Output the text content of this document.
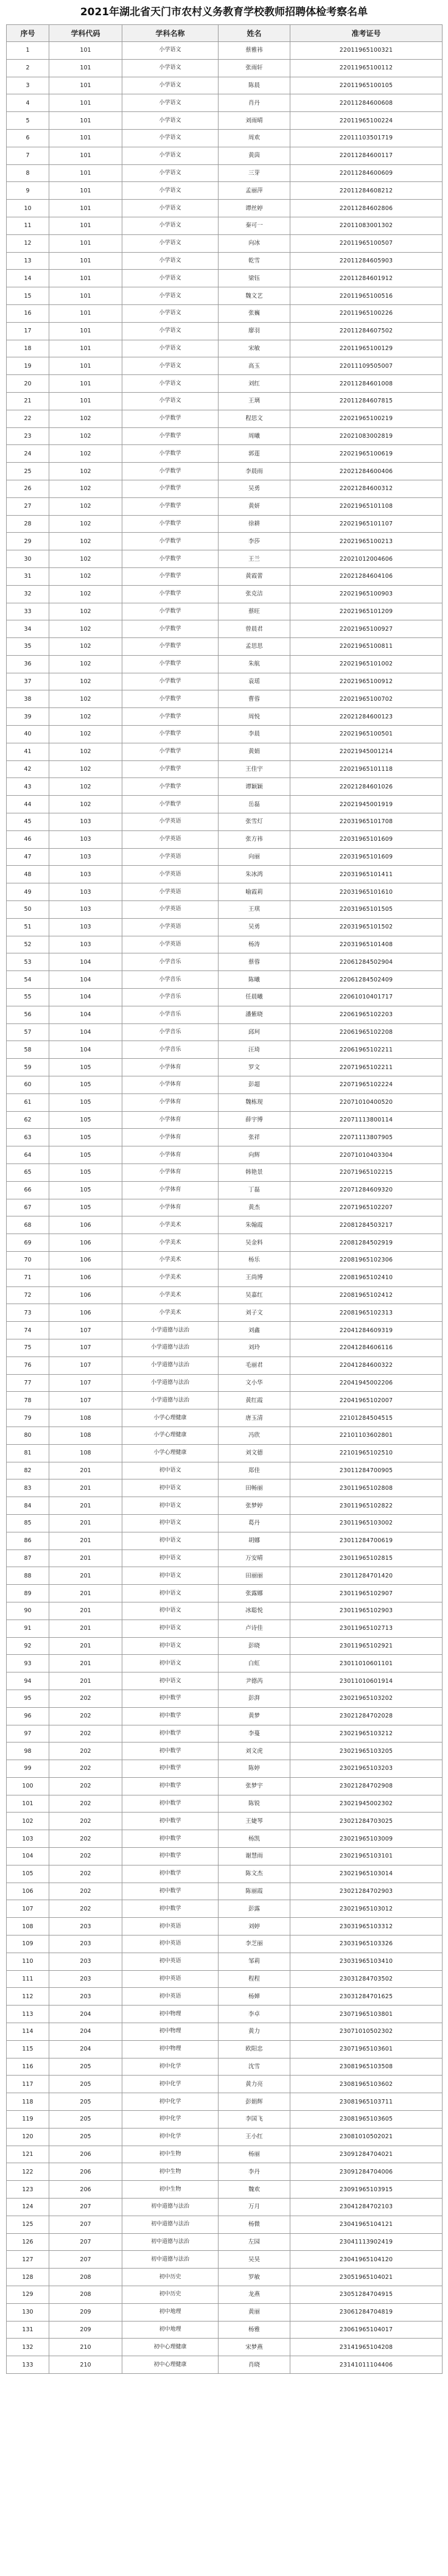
2021年湖北省天门市农村义务教育学校教师招聘体检考察名单
序号	学科代码	学科名称	姓名	准考证号
1	101	小学语文	蔡雅祎	22011965100321
2	101	小学语文	张雨轩	22011965100112
3	101	小学语文	陈晨	22011965100105
4	101	小学语文	肖丹	22011284600608
5	101	小学语文	刘雨晴	22011965100224
6	101	小学语文	周欢	22011103501719
7	101	小学语文	黄茵	22011284600117
8	101	小学语文	三芽	22011284600609
9	101	小学语文	孟丽萍	22011284608212
10	101	小学语文	谭丝婷	22011284602806
11	101	小学语文	秦可一	22011083001302
12	101	小学语文	向冰	22011965100507
13	101	小学语文	乾雪	22011284605903
14	101	小学语文	梁钰	22011284601912
15	101	小学语文	魏文艺	22011965100516
16	101	小学语文	张巍	22011965100226
17	101	小学语文	廖羽	22011284607502
18	101	小学语文	宋敏	22011965100129
19	101	小学语文	高玉	22011109505007
20	101	小学语文	刘红	22011284601008
21	101	小学语文	王璃	22011284607815
22	102	小学数学	程思文	22021965100219
23	102	小学数学	周曦	22021083002819
24	102	小学数学	郭莲	22021965100619
25	102	小学数学	李晨雨	22021284600406
26	102	小学数学	吴勇	22021284600312
27	102	小学数学	黄妍	22021965101108
28	102	小学数学	徐耕	22021965101107
29	102	小学数学	李莎	22021965100213
30	102	小学数学	王兰	22021012004606
31	102	小学数学	黄霞蕾	22021284604106
32	102	小学数学	张克洁	22021965100903
33	102	小学数学	蔡旺	22021965101209
34	102	小学数学	曾晨君	22021965100927
35	102	小学数学	孟思思	22021965100811
36	102	小学数学	朱航	22021965101002
37	102	小学数学	袁瑶	22021965100912
38	102	小学数学	曹蓉	22021965100702
39	102	小学数学	周悦	22021284600123
40	102	小学数学	李晨	22021965100501
41	102	小学数学	黄娟	22021945001214
42	102	小学数学	王佳宇	22021965101118
43	102	小学数学	谭颖颖	22021284601026
44	102	小学数学	岳磊	22021945001919
45	103	小学英语	张雪灯	22031965101708
46	103	小学英语	张方祎	22031965101609
47	103	小学英语	向丽	22031965101609
48	103	小学英语	朱冰鸿	22031965101411
49	103	小学英语	喻霞莉	22031965101610
50	103	小学英语	王琪	22031965101505
51	103	小学英语	吴勇	22031965101502
52	103	小学英语	杨涛	22031965101408
53	104	小学音乐	蔡蓉	22061284502904
54	104	小学音乐	陈曦	22061284502409
55	104	小学音乐	任晨曦	22061010401717
56	104	小学音乐	潘紫晓	22061965102203
57	104	小学音乐	邱珂	22061965102208
58	104	小学音乐	汪琦	22061965102211
59	105	小学体育	罗文	22071965102211
60	105	小学体育	彭超	22071965102224
61	105	小学体育	魏栋现	22071010400520
62	105	小学体育	薛宇博	22071113800114
63	105	小学体育	张祥	22071113807905
64	105	小学体育	向辉	22071010403304
65	105	小学体育	韩艳景	22071965102215
66	105	小学体育	丁磊	22071284609320
67	105	小学体育	黄杰	22071965102207
68	106	小学美术	朱翰霞	22081284503217
69	106	小学美术	吴金料	22081284502919
70	106	小学美术	杨乐	22081965102306
71	106	小学美术	王尚博	22081965102410
72	106	小学美术	吴嘉红	22081965102412
73	106	小学美术	刘子文	22081965102313
74	107	小学道德与法治	刘鑫	22041284609319
75	107	小学道德与法治	刘玲	22041284606116
76	107	小学道德与法治	毛丽君	22041284600322
77	107	小学道德与法治	文小华	22041945002206
78	107	小学道德与法治	黄红霞	22041965102007
79	108	小学心理健康	唐玉清	22101284504515
80	108	小学心理健康	冯欣	22101103602801
81	108	小学心理健康	刘文德	22101965102510
82	201	初中语文	郑佳	23011284700905
83	201	初中语文	田畅丽	23011965102808
84	201	初中语文	张梦婷	23011965102822
85	201	初中语文	葛丹	23011965103002
86	201	初中语文	胡娜	23011284700619
87	201	初中语文	万安晴	23011965102815
88	201	初中语文	田丽丽	23011284701420
89	201	初中语文	张露娜	23011965102907
90	201	初中语文	冰聪悦	23011965102903
91	201	初中语文	卢诗佳	23011965102713
92	201	初中语文	彭晓	23011965102921
93	201	初中语文	白虹	23011010601101
94	201	初中语文	尹德芮	23011010601914
95	202	初中数学	彭湃	23021965103202
96	202	初中数学	黄梦	23021284702028
97	202	初中数学	李蔓	23021965103212
98	202	初中数学	刘文虎	23021965103205
99	202	初中数学	陈婷	23021965103203
100	202	初中数学	张梦宇	23021284702908
101	202	初中数学	陈锐	23021945002302
102	202	初中数学	王婕琴	23021284703025
103	202	初中数学	杨凯	23021965103009
104	202	初中数学	谢慧雨	23021965103101
105	202	初中数学	陈文杰	23021965103014
106	202	初中数学	陈丽霞	23021284702903
107	202	初中数学	彭露	23021965103012
108	203	初中英语	刘婷	23031965103312
109	203	初中英语	李芝丽	23031965103326
110	203	初中英语	邹莉	23031965103410
111	203	初中英语	程程	23031284703502
112	203	初中英语	杨婵	23031284701625
113	204	初中物理	李卓	23071965103801
114	204	初中物理	黄力	23071010502302
115	204	初中物理	欧阳忠	23071965103601
116	205	初中化学	沈雪	23081965103508
117	205	初中化学	黄力亮	23081965103602
118	205	初中化学	彭娟辉	23081965103711
119	205	初中化学	李国飞	23081965103605
120	205	初中化学	王小红	23081010502021
121	206	初中生物	杨丽	23091284704021
122	206	初中生物	李丹	23091284704006
123	206	初中生物	魏欢	23091965103915
124	207	初中道德与法治	万月	23041284702103
125	207	初中道德与法治	杨微	23041965104121
126	207	初中道德与法治	左园	23041113902419
127	207	初中道德与法治	吴昊	23041965104120
128	208	初中历史	罗敏	23051965104021
129	208	初中历史	龙燕	23051284704915
130	209	初中地理	黄丽	23061284704819
131	209	初中地理	杨雅	23061965104017
132	210	初中心理健康	宋梦燕	23141965104208
133	210	初中心理健康	肖晓	23141011104406
